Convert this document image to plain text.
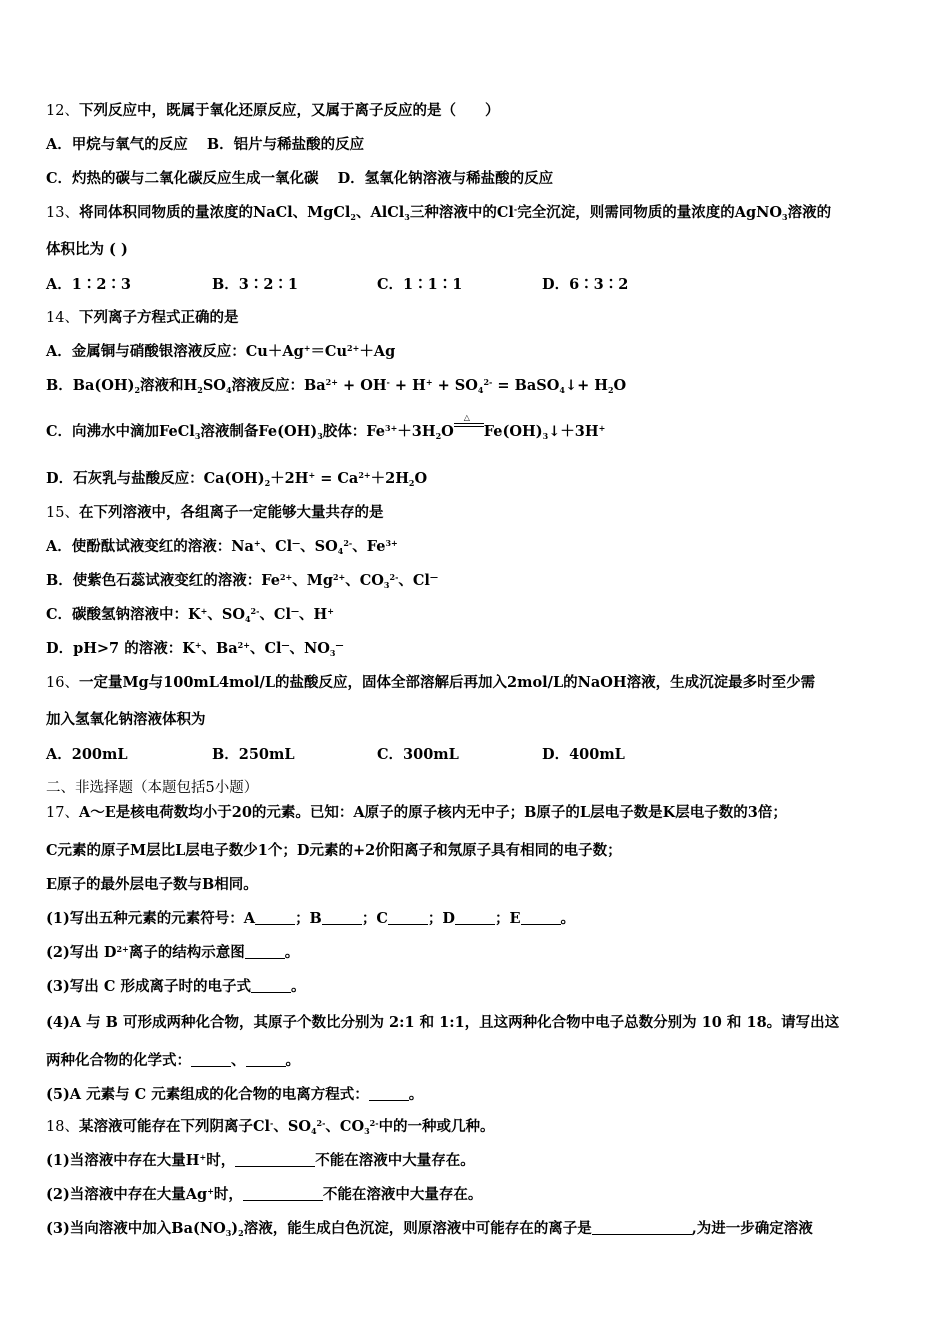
12、下列反应中，既属于氧化还原反应，又属于离子反应的是（　　）
A．甲烷与氧气的反应 B．铝片与稀盐酸的反应
C．灼热的碳与二氧化碳反应生成一氧化碳 D．氢氧化钠溶液与稀盐酸的反应
13、将同体积同物质的量浓度的NaCl、MgCl$_2$、AlCl$_3$三种溶液中的Cl-完全沉淀，则需同物质的量浓度的AgNO$_3$溶液的
体积比为 ( )
A．1∶2∶3	B．3∶2∶1	C．1∶1∶1	D．6∶3∶2
14、下列离子方程式正确的是
A．金属铜与硝酸银溶液反应：$Cu+Ag^+=Cu^{2+}+Ag$
B．$Ba(OH)_2$溶液和$H_2SO_4$溶液反应：$Ba^{2+} + OH^- + H^+ + SO_4^{2-}$ = BaSO$_4$↓+ $H_2O$
C．向沸水中滴加FeCl$_3$溶液制备$Fe(OH)_3$胶体：$Fe^{3+}+3H_2O$
△
$Fe(OH)_3↓+3H^+$
D．石灰乳与盐酸反应：$Ca(OH)_2+2H^+ = Ca^{2+}+2H_2O$
15、在下列溶液中，各组离子一定能够大量共存的是
A．使酚酞试液变红的溶液：Na+、Cl—、$SO_4^{2-}$、$Fe^{3+}$
B．使紫色石蕊试液变红的溶液：$Fe^{2+}$、$Mg^{2+}$、$CO_3^{2-}$、Cl—
C．碳酸氢钠溶液中：K+、$SO_4^{2-}$、Cl—、H+
D．pH>7 的溶液：K+、$Ba^{2+}$、Cl—、$NO_3^—$
16、一定量Mg与100mL4mol/L的盐酸反应，固体全部溶解后再加入2mol/L的NaOH溶液，生成沉淀最多时至少需
加入氢氧化钠溶液体积为
A．200mL	B．250mL	C．300mL	D．400mL
二、非选择题（本题包括5小题）
17、A～E是核电荷数均小于20的元素。已知：A原子的原子核内无中子；B原子的L层电子数是K层电子数的3倍；
C元素的原子M层比L层电子数少1个；D元素的+2价阳离子和氖原子具有相同的电子数；
E原子的最外层电子数与B相同。
(1)写出五种元素的元素符号：A	；B	；C	；D	；E	。
(2)写出 $D^{2+}$离子的结构示意图	。
(3)写出 C 形成离子时的电子式	。
(4)A 与 B 可形成两种化合物，其原子个数比分别为 2:1 和 1:1，且这两种化合物中电子总数分别为 10 和 18。请写出这
两种化合物的化学式：	、	。
(5)A 元素与 C 元素组成的化合物的电离方程式：	。
18、某溶液可能存在下列阴离子Cl-、$SO_4^{2-}$、$CO_3^{2-}$中的一种或几种。
(1)当溶液中存在大量H+时，	不能在溶液中大量存在。
(2)当溶液中存在大量Ag+时，	不能在溶液中大量存在。
(3)当向溶液中加入$Ba(NO_3)_2$溶液，能生成白色沉淀，则原溶液中可能存在的离子是	,为进一步确定溶液
